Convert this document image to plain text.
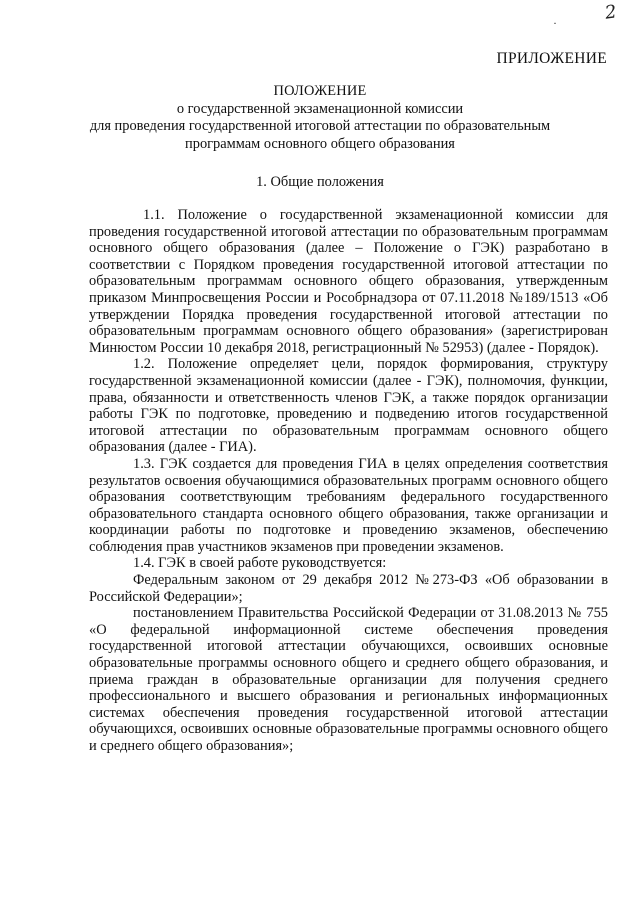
·	2
ПРИЛОЖЕНИЕ
ПОЛОЖЕНИЕ
о государственной экзаменационной комиссии
для проведения государственной итоговой аттестации по образовательным
программам основного общего образования
1. Общие положения

1.1. Положение о государственной экзаменационной комиссии для проведения государственной итоговой аттестации по образовательным программам основного общего образования (далее – Положение о ГЭК) разработано в соответствии с Порядком проведения государственной итоговой аттестации по образовательным программам основного общего образования, утвержденным приказом Минпросвещения России и Рособрнадзора от 07.11.2018 №189/1513 «Об утверждении Порядка проведения государственной итоговой аттестации по образовательным программам основного общего образования» (зарегистрирован Минюстом России 10 декабря 2018, регистрационный № 52953) (далее - Порядок).

1.2. Положение определяет цели, порядок формирования, структуру государственной экзаменационной комиссии (далее - ГЭК), полномочия, функции, права, обязанности и ответственность членов ГЭК, а также порядок организации работы ГЭК по подготовке, проведению и подведению итогов государственной итоговой аттестации по образовательным программам основного общего образования (далее - ГИА).

1.3. ГЭК создается для проведения ГИА в целях определения соответствия результатов освоения обучающимися образовательных программ основного общего образования соответствующим требованиям федерального государственного образовательного стандарта основного общего образования, также организации и координации работы по подготовке и проведению экзаменов, обеспечению соблюдения прав участников экзаменов при проведении экзаменов.

1.4. ГЭК в своей работе руководствуется:

Федеральным законом от 29 декабря 2012 №273-ФЗ «Об образовании в Российской Федерации»;

постановлением Правительства Российской Федерации от 31.08.2013 № 755 «О федеральной информационной системе обеспечения проведения государственной итоговой аттестации обучающихся, освоивших основные образовательные программы основного общего и среднего общего образования, и приема граждан в образовательные организации для получения среднего профессионального и высшего образования и региональных информационных системах обеспечения проведения государственной итоговой аттестации обучающихся, освоивших основные образовательные программы основного общего и среднего общего образования»;
